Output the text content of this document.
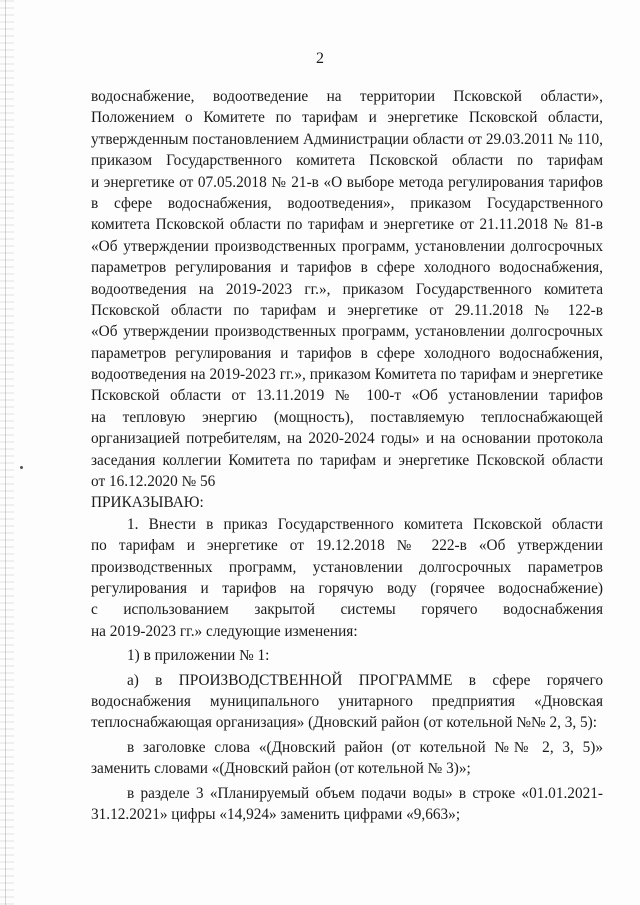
2
водоснабжение, водоотведение на территории Псковской области»,
Положением о Комитете по тарифам и энергетике Псковской области,
утвержденным постановлением Администрации области от 29.03.2011 № 110,
приказом Государственного комитета Псковской области по тарифам
и энергетике от 07.05.2018 № 21-в «О выборе метода регулирования тарифов
в сфере водоснабжения, водоотведения», приказом Государственного
комитета Псковской области по тарифам и энергетике от 21.11.2018 № 81-в
«Об утверждении производственных программ, установлении долгосрочных
параметров регулирования и тарифов в сфере холодного водоснабжения,
водоотведения на 2019-2023 гг.», приказом Государственного комитета
Псковской области по тарифам и энергетике от 29.11.2018 № 122-в
«Об утверждении производственных программ, установлении долгосрочных
параметров регулирования и тарифов в сфере холодного водоснабжения,
водоотведения на 2019-2023 гг.», приказом Комитета по тарифам и энергетике
Псковской области от 13.11.2019 № 100-т «Об установлении тарифов
на тепловую энергию (мощность), поставляемую теплоснабжающей
организацией потребителям, на 2020-2024 годы» и на основании протокола
заседания коллегии Комитета по тарифам и энергетике Псковской области
от 16.12.2020 № 56
ПРИКАЗЫВАЮ:
1. Внести в приказ Государственного комитета Псковской области
по тарифам и энергетике от 19.12.2018 № 222-в «Об утверждении
производственных программ, установлении долгосрочных параметров
регулирования и тарифов на горячую воду (горячее водоснабжение)
с использованием закрытой системы горячего водоснабжения
на 2019-2023 гг.» следующие изменения:
1) в приложении № 1:
а) в ПРОИЗВОДСТВЕННОЙ ПРОГРАММЕ в сфере горячего
водоснабжения муниципального унитарного предприятия «Дновская
теплоснабжающая организация» (Дновский район (от котельной №№ 2, 3, 5):
в заголовке слова «(Дновский район (от котельной №№ 2, 3, 5)»
заменить словами «(Дновский район (от котельной № 3)»;
в разделе 3 «Планируемый объем подачи воды» в строке «01.01.2021-
31.12.2021» цифры «14,924» заменить цифрами «9,663»;
